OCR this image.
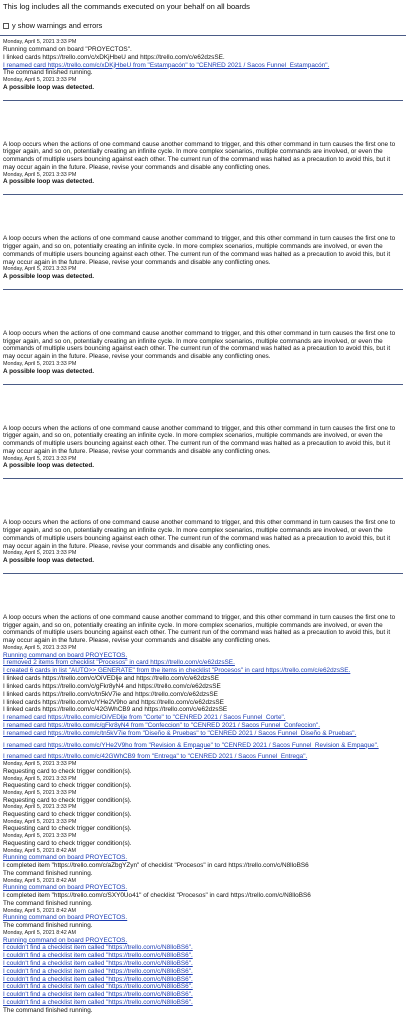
This log includes all the commands executed on your behalf on all boards
y show warnings and errors
Monday, April 5, 2021 3:33 PM
Running command on board "PROYECTOS".
I linked cards https://trello.com/c/xDKjHbeU and https://trello.com/c/e62dzsSE.
I renamed card https://trello.com/c/xDKjHbeU from "Estampacón" to "CENRED 2021 / Sacos Funnel_Estampacón".
The command finished running.
Monday, April 5, 2021 3:33 PM
A possible loop was detected.
A loop occurs when the actions of one command cause another command to trigger, and this other command in turn causes the first one to trigger again, and so on, potentially creating an infinite cycle. In more complex scenarios, multiple commands are involved, or even the commands of multiple users bouncing against each other. The current run of the command was halted as a precaution to avoid this, but it may occur again in the future. Please, revise your commands and disable any conflicting ones.
Monday, April 5, 2021 3:33 PM
A possible loop was detected.
A loop occurs when the actions of one command cause another command to trigger, and this other command in turn causes the first one to trigger again, and so on, potentially creating an infinite cycle. In more complex scenarios, multiple commands are involved, or even the commands of multiple users bouncing against each other. The current run of the command was halted as a precaution to avoid this, but it may occur again in the future. Please, revise your commands and disable any conflicting ones.
Monday, April 5, 2021 3:33 PM
A possible loop was detected.
A loop occurs when the actions of one command cause another command to trigger, and this other command in turn causes the first one to trigger again, and so on, potentially creating an infinite cycle. In more complex scenarios, multiple commands are involved, or even the commands of multiple users bouncing against each other. The current run of the command was halted as a precaution to avoid this, but it may occur again in the future. Please, revise your commands and disable any conflicting ones.
Monday, April 5, 2021 3:33 PM
A possible loop was detected.
A loop occurs when the actions of one command cause another command to trigger, and this other command in turn causes the first one to trigger again, and so on, potentially creating an infinite cycle. In more complex scenarios, multiple commands are involved, or even the commands of multiple users bouncing against each other. The current run of the command was halted as a precaution to avoid this, but it may occur again in the future. Please, revise your commands and disable any conflicting ones.
Monday, April 5, 2021 3:33 PM
A possible loop was detected.
A loop occurs when the actions of one command cause another command to trigger, and this other command in turn causes the first one to trigger again, and so on, potentially creating an infinite cycle. In more complex scenarios, multiple commands are involved, or even the commands of multiple users bouncing against each other. The current run of the command was halted as a precaution to avoid this, but it may occur again in the future. Please, revise your commands and disable any conflicting ones.
Monday, April 5, 2021 3:33 PM
A possible loop was detected.
A loop occurs when the actions of one command cause another command to trigger, and this other command in turn causes the first one to trigger again, and so on, potentially creating an infinite cycle. In more complex scenarios, multiple commands are involved, or even the commands of multiple users bouncing against each other. The current run of the command was halted as a precaution to avoid this, but it may occur again in the future. Please, revise your commands and disable any conflicting ones.
Monday, April 5, 2021 3:33 PM
Running command on board PROYECTOS.
I removed 2 items from checklist "Procesos" in card https://trello.com/c/e62dzsSE.
I created 6 cards in list "AUTO>> GENERATE" from the items in checklist "Procesos" in card https://trello.com/c/e62dzsSE.
I linked cards https://trello.com/c/OiVEDlje and https://trello.com/c/e62dzsSE
I linked cards https://trello.com/c/gFkr8yN4 and https://trello.com/c/e62dzsSE
I linked cards https://trello.com/c/tn5kV7ie and https://trello.com/c/e62dzsSE
I linked cards https://trello.com/c/YHe2V9ho and https://trello.com/c/e62dzsSE
I linked cards https://trello.com/c/42GWhCB9 and https://trello.com/c/e62dzsSE
I renamed card https://trello.com/c/OiVEDlje from "Corte" to "CENRED 2021 / Sacos Funnel_Corte".
I renamed card https://trello.com/c/gFkr8yN4 from "Confeccion" to "CENRED 2021 / Sacos Funnel_Confeccion".
I renamed card https://trello.com/c/tn5kV7ie from "Diseño & Pruebas" to "CENRED 2021 / Sacos Funnel_Diseño & Pruebas".
I renamed card https://trello.com/c/YHe2V9ho from "Revision & Empaque" to "CENRED 2021 / Sacos Funnel_Revision & Empaque".
I renamed card https://trello.com/c/42GWhCB9 from "Entrega" to "CENRED 2021 / Sacos Funnel_Entrega".
Monday, April 5, 2021 3:33 PM
Requesting card to check trigger condition(s).
Monday, April 5, 2021 3:33 PM
Requesting card to check trigger condition(s).
Monday, April 5, 2021 3:33 PM
Requesting card to check trigger condition(s).
Monday, April 5, 2021 3:33 PM
Requesting card to check trigger condition(s).
Monday, April 5, 2021 3:33 PM
Requesting card to check trigger condition(s).
Monday, April 5, 2021 3:33 PM
Requesting card to check trigger condition(s).
Monday, April 5, 2021 8:42 AM
Running command on board PROYECTOS.
I completed item "https://trello.com/c/aZbgYZyn" of checklist "Procesos" in card https://trello.com/c/N8lloBS6
The command finished running.
Monday, April 5, 2021 8:42 AM
Running command on board PROYECTOS.
I completed item "https://trello.com/c/SXY0Uo41" of checklist "Procesos" in card https://trello.com/c/N8lloBS6
The command finished running.
Monday, April 5, 2021 8:42 AM
Running command on board PROYECTOS.
The command finished running.
Monday, April 5, 2021 8:42 AM
Running command on board PROYECTOS.
I couldn't find a checklist item called "https://trello.com/c/N8lloBS6".
I couldn't find a checklist item called "https://trello.com/c/N8lloBS6".
I couldn't find a checklist item called "https://trello.com/c/N8lloBS6".
I couldn't find a checklist item called "https://trello.com/c/N8lloBS6".
I couldn't find a checklist item called "https://trello.com/c/N8lloBS6".
I couldn't find a checklist item called "https://trello.com/c/N8lloBS6".
I couldn't find a checklist item called "https://trello.com/c/N8lloBS6".
I couldn't find a checklist item called "https://trello.com/c/N8lloBS6".
The command finished running.
